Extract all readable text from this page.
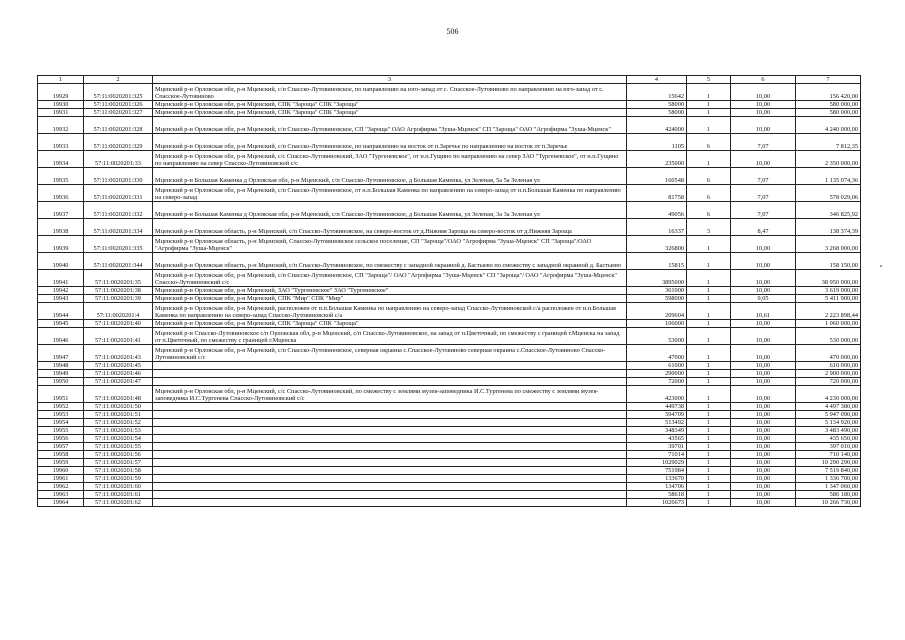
506
1	2	3	4	5	6	7
19929	57:11:0020201:325	Мценский р-н Орловская обл, р-н Мценский, с/п Спасско-Лутовиновское, по направлению на юго-запад от с. Спасское-Лутовиново по направлению на юго-запад от с. Спасское-Лутовиново	15642	1	10,00	156 420,00
19930	57:11:0020201:326	Мценский р-н Орловская обл, р-н Мценский, СПК "Зароща" СПК "Зароща"	58000	1	10,00	580 000,00
19931	57:11:0020201:327	Мценский р-н Орловская обл, р-н Мценский, СПК "Зароща" СПК "Зароща"	58000	1	10,00	580 000,00
19932	57:11:0020201:328	Мценский р-н Орловская обл, р-н Мценский, с/п Спасско-Лутовиновское, СП "Зароща" ОАО Агрофирма "Зуша-Мценск" СП "Зароща" ОАО "Агрофирма "Зуша-Мценск"	424000	1	10,00	4 240 000,00
19933	57:11:0020201:329	Мценский р-н Орловская обл, р-н Мценский, с/п Спасско-Лутовиновское, по направлению на восток от п.Заречье по направлению на восток от п.Заречье	1105	6	7,07	7 812,35
19934	57:11:0020201:33	Мценский р-н Орловская обл, р-н Мценский, с/с Спасско-Лутовиновский, ЗАО "Тургеневское", от н.п.Гущино по направлению на север ЗАО "Тургеневское", от н.п.Гущино по направлению на север Спасско-Лутовиновской с/с	235000	1	10,00	2 350 000,00
19935	57:11:0020201:330	Мценский р-н Большая Каменка д Орловская обл, р-н Мценский, с/п Спасско-Лутовиновское, д Большая Каменка, ул Зеленая, 5а 5а Зеленая ул	160548	6	7,07	1 135 074,36
19936	57:11:0020201:331	Мценский р-н Орловская обл, р-н Мценский, с/п Спасско-Лутовиновское, от н.п.Большая Каменка по направлению на северо-запад от н.п.Большая Каменка по направлению на северо-запад	81758	6	7,07	578 029,06
19937	57:11:0020201:332	Мценский р-н Большая Каменка д Орловская обл, р-н Мценский, с/п Спасско-Лутовиновское, д Большая Каменка, ул Зеленая, 3а 3а Зеленая ул	49056	6	7,07	346 825,92
19938	57:11:0020201:334	Мценский р-н Орловская область, р-н Мценский, с/п Спасско-Лутовиновское, на северо-восток от д.Нижняя Зароща на северо-восток от д.Нижняя Зароща	16337	3	8,47	138 374,39
19939	57:11:0020201:335	Мценский р-н Орловская область, р-н Мценский, Спасско-Лутовиновское сельское поселение, СП "Зароща"/ОАО "Агрофирма "Зуша-Мценск" СП "Зароща"/ОАО "Агрофирма "Зуша-Мценск"	326800	1	10,00	3 268 000,00
19940	57:11:0020201:344	Мценский р-н Орловская область, р-н Мценский, с/п Спасско-Лутовиновское, по смежеству с западной окраиной д. Бастыево по смежеству с западной окраиной д. Бастыево	15815	1	10,00	158 150,00
19941	57:11:0020201:35	Мценский р-н Орловская обл, р-н Мценский, с/п Спасско-Лутовиновское, СП "Зароща"/ ОАО "Агрофирма "Зуша-Мценск" СП "Зароща"/ ОАО "Агрофирма "Зуша-Мценск" Спасско-Лутовиновский с/с	3895000	1	10,00	38 950 000,00
19942	57:11:0020201:38	Мценский р-н Орловская обл, р-н Мценский, ЗАО "Тургеневское" ЗАО "Тургеневское"	361900	1	10,00	3 619 000,00
19943	57:11:0020201:39	Мценский р-н Орловская обл, р-н Мценский, СПК "Мир" СПК "Мир"	598000	1	9,05	5 411 900,00
19944	57:11:0020201:4	Мценский р-н Орловская обл, р-н Мценский, расположен от н.п.Большая Каменка по направлению на северо-запад Спасско-Лутовиновской с/а расположен от н.п.Большая Каменка по направлению на северо-запад Спасско-Лутовиновской с/а	209604	1	10,61	2 223 898,44
19945	57:11:0020201:40	Мценский р-н Орловская обл, р-н Мценский, СПК "Зароща" СПК "Зароща"	106000	1	10,00	1 060 000,00
19946	57:11:0020201:41	Мценский р-н Спасско-Лутовиновское с/п Орловская обл, р-н Мценский, с/п Спасско-Лутовиновское, на запад от п.Цветочный, по смежеству с границей г.Мценска на запад от п.Цветочный, по смежеству с границей г.Мценска	53000	1	10,00	530 000,00
19947	57:11:0020201:43	Мценский р-н Орловская обл, р-н Мценский, с/п Спасско-Лутовиновское, северная окраина с.Спасское-Лутовиново северная окраина с.Спасское-Лутовиново Спасско-Лутовиновский с/с	47000	1	10,00	470 000,00
19948	57:11:0020201:45		61000	1	10,00	610 000,00
19949	57:11:0020201:46		290000	1	10,00	2 900 000,00
19950	57:11:0020201:47		72000	1	10,00	720 000,00
19951	57:11:0020201:48	Мценский р-н Орловская обл, р-н Мценский, с/с Спасско-Лутовиновский, по смежеству с землями музея-заповедника И.С.Тургенева по смежеству с землями музея-заповедника И.С.Тургенева Спасско-Лутовиновский с/с	423000	1	10,00	4 230 000,00
19952	57:11:0020201:50		449738	1	10,00	4 497 380,00
19953	57:11:0020201:51		594709	1	10,00	5 947 090,00
19954	57:11:0020201:52		513492	1	10,00	5 134 920,00
19955	57:11:0020201:53		348349	1	10,00	3 483 490,00
19956	57:11:0020201:54		43565	1	10,00	435 650,00
19957	57:11:0020201:55		39701	1	10,00	397 010,00
19958	57:11:0020201:56		71014	1	10,00	710 140,00
19959	57:11:0020201:57		1029029	1	10,00	10 290 290,00
19960	57:11:0020201:58		751984	1	10,00	7 519 840,00
19961	57:11:0020201:59		133670	1	10,00	1 336 700,00
19962	57:11:0020201:60		134706	1	10,00	1 347 060,00
19963	57:11:0020201:61		58618	1	10,00	586 180,00
19964	57:11:0020201:62		1026673	1	10,00	10 266 730,00
